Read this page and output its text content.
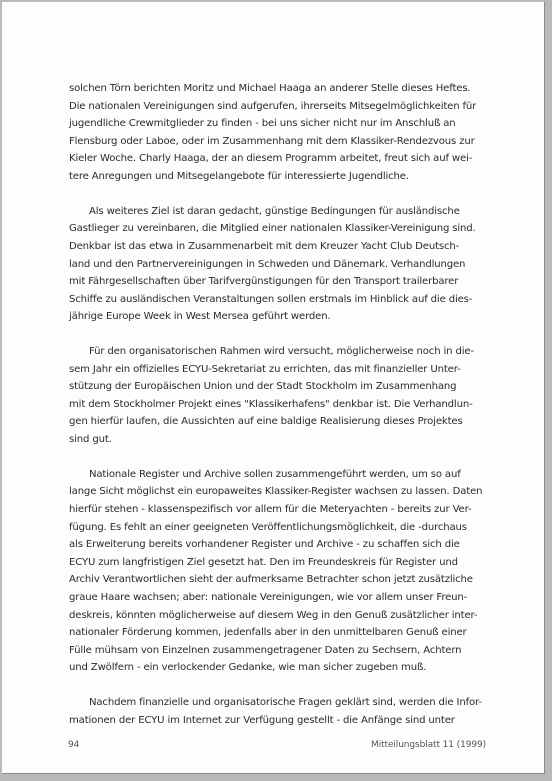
solchen Törn berichten Moritz und Michael Haaga an anderer Stelle dieses Heftes.
Die nationalen Vereinigungen sind aufgerufen, ihrerseits Mitsegelmöglichkeiten für
jugendliche Crewmitglieder zu finden - bei uns sicher nicht nur im Anschluß an
Flensburg oder Laboe, oder im Zusammenhang mit dem Klassiker-Rendezvous zur
Kieler Woche. Charly Haaga, der an diesem Programm arbeitet, freut sich auf wei-
tere Anregungen und Mitsegelangebote für interessierte Jugendliche.

Als weiteres Ziel ist daran gedacht, günstige Bedingungen für ausländische
Gastlieger zu vereinbaren, die Mitglied einer nationalen Klassiker-Vereinigung sind.
Denkbar ist das etwa in Zusammenarbeit mit dem Kreuzer Yacht Club Deutsch-
land und den Partnervereinigungen in Schweden und Dänemark. Verhandlungen
mit Fährgesellschaften über Tarifvergünstigungen für den Transport trailerbarer
Schiffe zu ausländischen Veranstaltungen sollen erstmals im Hinblick auf die dies-
jährige Europe Week in West Mersea geführt werden.

Für den organisatorischen Rahmen wird versucht, möglicherweise noch in die-
sem Jahr ein offizielles ECYU-Sekretariat zu errichten, das mit finanzieller Unter-
stützung der Europäischen Union und der Stadt Stockholm im Zusammenhang
mit dem Stockholmer Projekt eines "Klassikerhafens" denkbar ist. Die Verhandlun-
gen hierfür laufen, die Aussichten auf eine baldige Realisierung dieses Projektes
sind gut.

Nationale Register und Archive sollen zusammengeführt werden, um so auf
lange Sicht möglichst ein europaweites Klassiker-Register wachsen zu lassen. Daten
hierfür stehen - klassenspezifisch vor allem für die Meteryachten - bereits zur Ver-
fügung. Es fehlt an einer geeigneten Veröffentlichungsmöglichkeit, die -durchaus
als Erweiterung bereits vorhandener Register und Archive - zu schaffen sich die
ECYU zum langfristigen Ziel gesetzt hat. Den im Freundeskreis für Register und
Archiv Verantwortlichen sieht der aufmerksame Betrachter schon jetzt zusätzliche
graue Haare wachsen; aber: nationale Vereinigungen, wie vor allem unser Freun-
deskreis, könnten möglicherweise auf diesem Weg in den Genuß zusätzlicher inter-
nationaler Förderung kommen, jedenfalls aber in den unmittelbaren Genuß einer
Fülle mühsam von Einzelnen zusammengetragener Daten zu Sechsern, Achtern
und Zwölfern - ein verlockender Gedanke, wie man sicher zugeben muß.

Nachdem finanzielle und organisatorische Fragen geklärt sind, werden die Infor-
mationen der ECYU im Internet zur Verfügung gestellt - die Anfänge sind unter

94	Mitteilungsblatt 11 (1999)
